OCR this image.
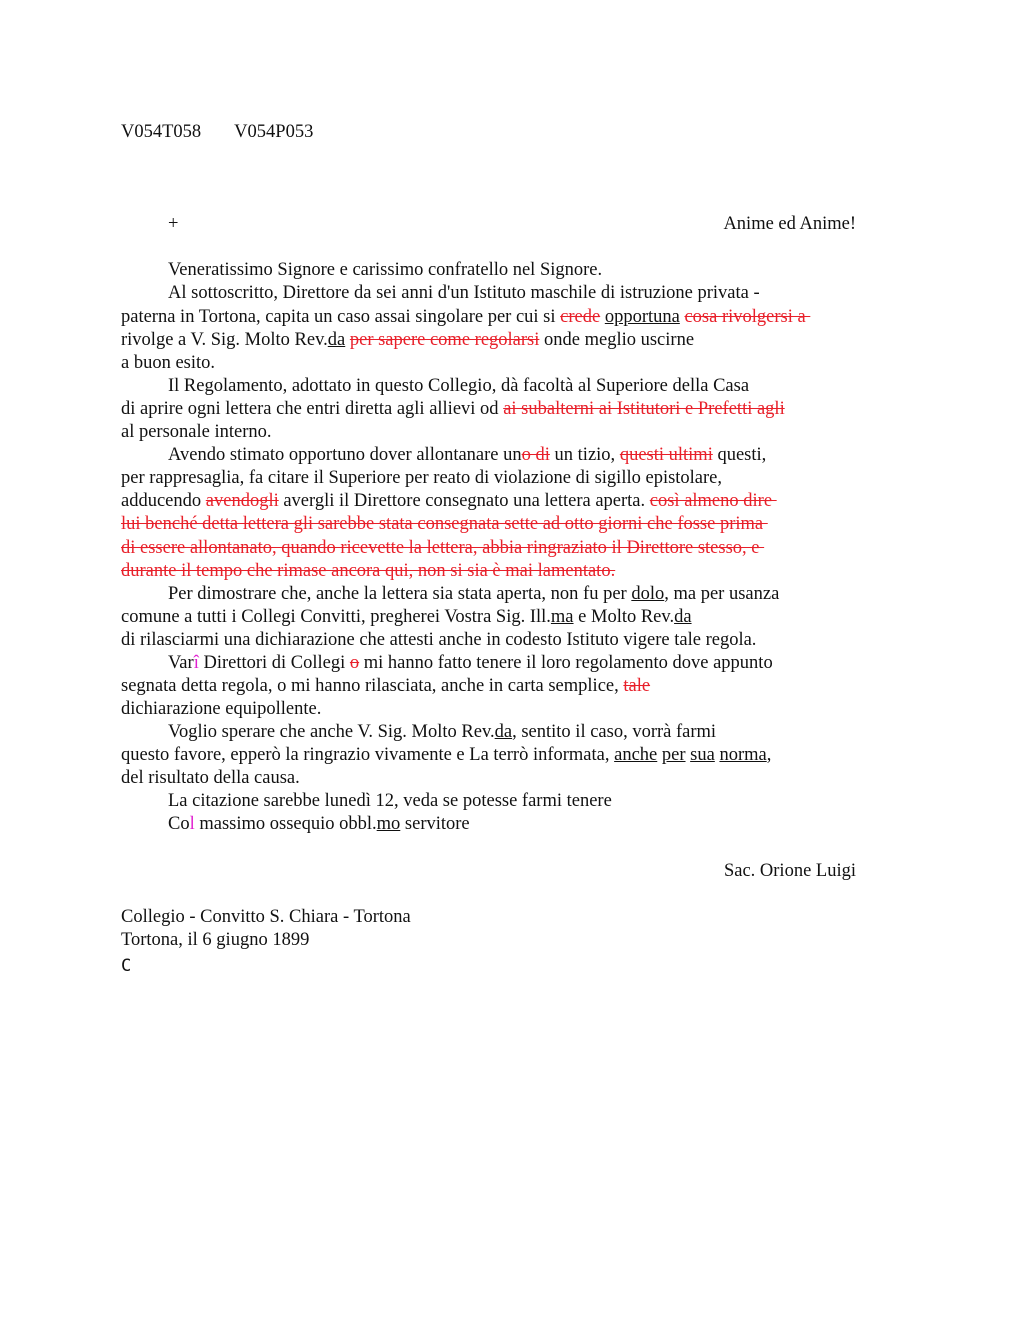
V054T058 V054P053
+	Anime ed Anime!
Veneratissimo Signore e carissimo confratello nel Signore.
Al sottoscritto, Direttore da sei anni d'un Istituto maschile di istruzione privata -
paterna in Tortona, capita un caso assai singolare per cui si crede opportuna cosa rivolgersi a
rivolge a V. Sig. Molto Rev.da per sapere come regolarsi onde meglio uscirne
a buon esito.
Il Regolamento, adottato in questo Collegio, dà facoltà al Superiore della Casa
di aprire ogni lettera che entri diretta agli allievi od ai subalterni ai Istitutori e Prefetti agli
al personale interno.
Avendo stimato opportuno dover allontanare uno di un tizio, questi ultimi questi,
per rappresaglia, fa citare il Superiore per reato di violazione di sigillo epistolare,
adducendo avendogli avergli il Direttore consegnato una lettera aperta. così almeno dire
lui benché detta lettera gli sarebbe stata consegnata sette ad otto giorni che fosse prima
di essere allontanato, quando ricevette la lettera, abbia ringraziato il Direttore stesso, e
durante il tempo che rimase ancora qui, non si sia è mai lamentato.
Per dimostrare che, anche la lettera sia stata aperta, non fu per dolo, ma per usanza
comune a tutti i Collegi Convitti, pregherei Vostra Sig. Ill.ma e Molto Rev.da
di rilasciarmi una dichiarazione che attesti anche in codesto Istituto vigere tale regola.
Varî Direttori di Collegi o mi hanno fatto tenere il loro regolamento dove appunto
segnata detta regola, o mi hanno rilasciata, anche in carta semplice, tale
dichiarazione equipollente.
Voglio sperare che anche V. Sig. Molto Rev.da, sentito il caso, vorrà farmi
questo favore, epperò la ringrazio vivamente e La terrò informata, anche per sua norma,
del risultato della causa.
La citazione sarebbe lunedì 12, veda se potesse farmi tenere
Col massimo ossequio obbl.mo servitore
Sac. Orione Luigi
Collegio - Convitto S. Chiara - Tortona
Tortona, il 6 giugno 1899
C
